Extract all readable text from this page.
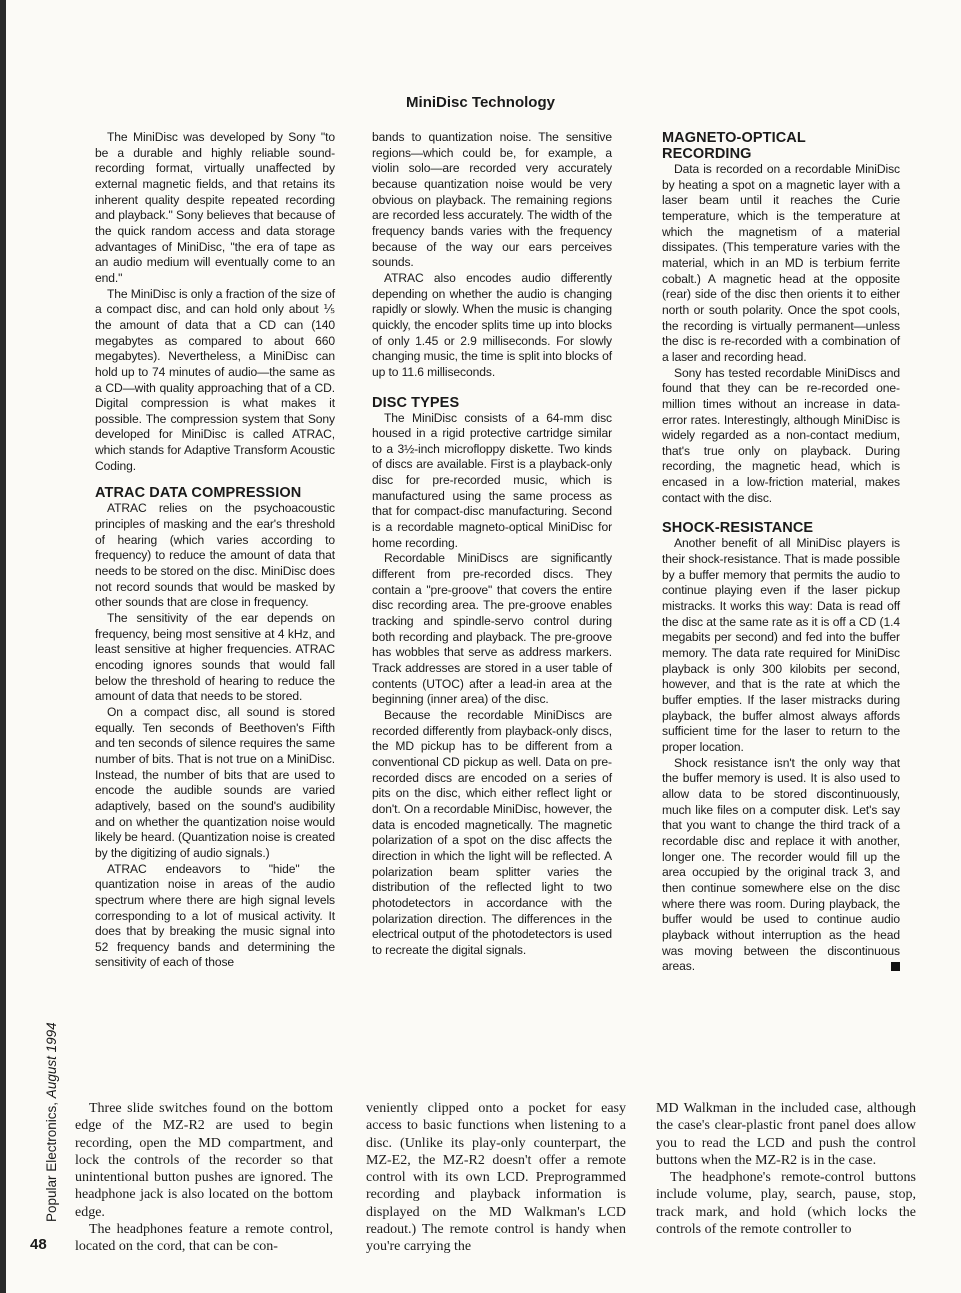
MiniDisc Technology

The MiniDisc was developed by Sony "to be a durable and highly reliable sound-recording format, virtually unaffected by external magnetic fields, and that retains its inherent quality despite repeated recording and playback." Sony believes that because of the quick random access and data storage advantages of MiniDisc, "the era of tape as an audio medium will eventually come to an end."

The MiniDisc is only a fraction of the size of a compact disc, and can hold only about ⅕ the amount of data that a CD can (140 megabytes as compared to about 660 megabytes). Nevertheless, a MiniDisc can hold up to 74 minutes of audio—the same as a CD—with quality approaching that of a CD. Digital compression is what makes it possible. The compression system that Sony developed for MiniDisc is called ATRAC, which stands for Adaptive Transform Acoustic Coding.

ATRAC DATA COMPRESSION

ATRAC relies on the psychoacoustic principles of masking and the ear's threshold of hearing (which varies according to frequency) to reduce the amount of data that needs to be stored on the disc. MiniDisc does not record sounds that would be masked by other sounds that are close in frequency.

The sensitivity of the ear depends on frequency, being most sensitive at 4 kHz, and least sensitive at higher frequencies. ATRAC encoding ignores sounds that would fall below the threshold of hearing to reduce the amount of data that needs to be stored.

On a compact disc, all sound is stored equally. Ten seconds of Beethoven's Fifth and ten seconds of silence requires the same number of bits. That is not true on a MiniDisc. Instead, the number of bits that are used to encode the audible sounds are varied adaptively, based on the sound's audibility and on whether the quantization noise would likely be heard. (Quantization noise is created by the digitizing of audio signals.)

ATRAC endeavors to "hide" the quantization noise in areas of the audio spectrum where there are high signal levels corresponding to a lot of musical activity. It does that by breaking the music signal into 52 frequency bands and determining the sensitivity of each of those

bands to quantization noise. The sensitive regions—which could be, for example, a violin solo—are recorded very accurately because quantization noise would be very obvious on playback. The remaining regions are recorded less accurately. The width of the frequency bands varies with the frequency because of the way our ears perceives sounds.

ATRAC also encodes audio differently depending on whether the audio is changing rapidly or slowly. When the music is changing quickly, the encoder splits time up into blocks of only 1.45 or 2.9 milliseconds. For slowly changing music, the time is split into blocks of up to 11.6 milliseconds.

DISC TYPES

The MiniDisc consists of a 64-mm disc housed in a rigid protective cartridge similar to a 3½-inch microfloppy diskette. Two kinds of discs are available. First is a playback-only disc for pre-recorded music, which is manufactured using the same process as that for compact-disc manufacturing. Second is a recordable magneto-optical MiniDisc for home recording.

Recordable MiniDiscs are significantly different from pre-recorded discs. They contain a "pre-groove" that covers the entire disc recording area. The pre-groove enables tracking and spindle-servo control during both recording and playback. The pre-groove has wobbles that serve as address markers. Track addresses are stored in a user table of contents (UTOC) after a lead-in area at the beginning (inner area) of the disc.

Because the recordable MiniDiscs are recorded differently from playback-only discs, the MD pickup has to be different from a conventional CD pickup as well. Data on pre-recorded discs are encoded on a series of pits on the disc, which either reflect light or don't. On a recordable MiniDisc, however, the data is encoded magnetically. The magnetic polarization of a spot on the disc affects the direction in which the light will be reflected. A polarization beam splitter varies the distribution of the reflected light to two photodetectors in accordance with the polarization direction. The differences in the electrical output of the photodetectors is used to recreate the digital signals.

MAGNETO-OPTICAL
RECORDING

Data is recorded on a recordable MiniDisc by heating a spot on a magnetic layer with a laser beam until it reaches the Curie temperature, which is the temperature at which the magnetism of a material dissipates. (This temperature varies with the material, which in an MD is terbium ferrite cobalt.) A magnetic head at the opposite (rear) side of the disc then orients it to either north or south polarity. Once the spot cools, the recording is virtually permanent—unless the disc is re-recorded with a combination of a laser and recording head.

Sony has tested recordable MiniDiscs and found that they can be re-recorded one-million times without an increase in data-error rates. Interestingly, although MiniDisc is widely regarded as a non-contact medium, that's true only on playback. During recording, the magnetic head, which is encased in a low-friction material, makes contact with the disc.

SHOCK-RESISTANCE

Another benefit of all MiniDisc players is their shock-resistance. That is made possible by a buffer memory that permits the audio to continue playing even if the laser pickup mistracks. It works this way: Data is read off the disc at the same rate as it is off a CD (1.4 megabits per second) and fed into the buffer memory. The data rate required for MiniDisc playback is only 300 kilobits per second, however, and that is the rate at which the buffer empties. If the laser mistracks during playback, the buffer almost always affords sufficient time for the laser to return to the proper location.

Shock resistance isn't the only way that the buffer memory is used. It is also used to allow data to be stored discontinuously, much like files on a computer disk. Let's say that you want to change the third track of a recordable disc and replace it with another, longer one. The recorder would fill up the area occupied by the original track 3, and then continue somewhere else on the disc where there was room. During playback, the buffer would be used to continue audio playback without interruption as the head was moving between the discontinuous areas.

Popular Electronics, August 1994
48

Three slide switches found on the bottom edge of the MZ-R2 are used to begin recording, open the MD compartment, and lock the controls of the recorder so that unintentional button pushes are ignored. The headphone jack is also located on the bottom edge.

The headphones feature a remote control, located on the cord, that can be con-

veniently clipped onto a pocket for easy access to basic functions when listening to a disc. (Unlike its play-only counterpart, the MZ-E2, the MZ-R2 doesn't offer a remote control with its own LCD. Preprogrammed recording and playback information is displayed on the MD Walkman's LCD readout.) The remote control is handy when you're carrying the

MD Walkman in the included case, although the case's clear-plastic front panel does allow you to read the LCD and push the control buttons when the MZ-R2 is in the case.

The headphone's remote-control buttons include volume, play, search, pause, stop, track mark, and hold (which locks the controls of the remote controller to
